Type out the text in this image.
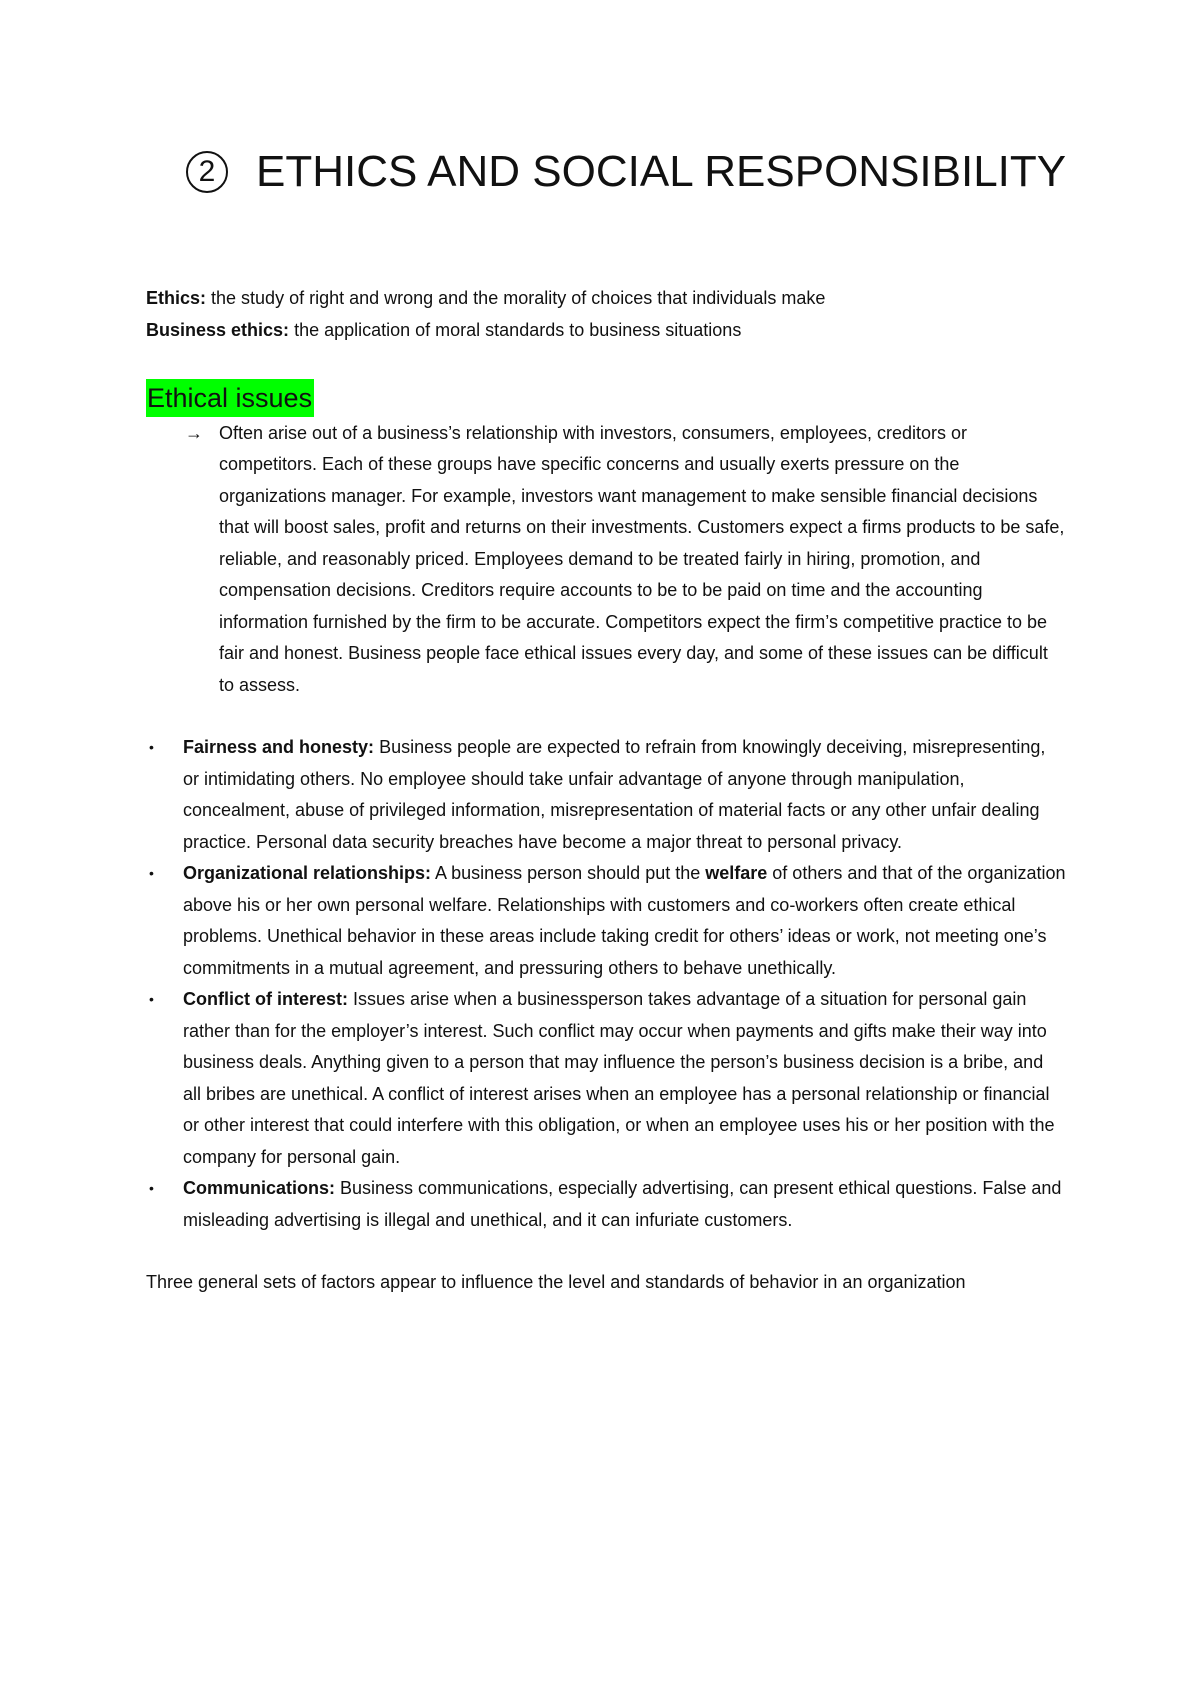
2 ETHICS AND SOCIAL RESPONSIBILITY

Ethics: the study of right and wrong and the morality of choices that individuals make

Business ethics: the application of moral standards to business situations

Ethical issues

→ Often arise out of a business’s relationship with investors, consumers, employees, creditors or competitors. Each of these groups have specific concerns and usually exerts pressure on the organizations manager. For example, investors want management to make sensible financial decisions that will boost sales, profit and returns on their investments. Customers expect a firms products to be safe, reliable, and reasonably priced. Employees demand to be treated fairly in hiring, promotion, and compensation decisions. Creditors require accounts to be to be paid on time and the accounting information furnished by the firm to be accurate. Competitors expect the firm’s competitive practice to be fair and honest. Business people face ethical issues every day, and some of these issues can be difficult to assess.

• Fairness and honesty: Business people are expected to refrain from knowingly deceiving, misrepresenting, or intimidating others. No employee should take unfair advantage of anyone through manipulation, concealment, abuse of privileged information, misrepresentation of material facts or any other unfair dealing practice. Personal data security breaches have become a major threat to personal privacy.
• Organizational relationships: A business person should put the welfare of others and that of the organization above his or her own personal welfare. Relationships with customers and co-workers often create ethical problems. Unethical behavior in these areas include taking credit for others’ ideas or work, not meeting one’s commitments in a mutual agreement, and pressuring others to behave unethically.
• Conflict of interest: Issues arise when a businessperson takes advantage of a situation for personal gain rather than for the employer’s interest. Such conflict may occur when payments and gifts make their way into business deals. Anything given to a person that may influence the person’s business decision is a bribe, and all bribes are unethical. A conflict of interest arises when an employee has a personal relationship or financial or other interest that could interfere with this obligation, or when an employee uses his or her position with the company for personal gain.
• Communications: Business communications, especially advertising, can present ethical questions. False and misleading advertising is illegal and unethical, and it can infuriate customers.

Three general sets of factors appear to influence the level and standards of behavior in an organization
